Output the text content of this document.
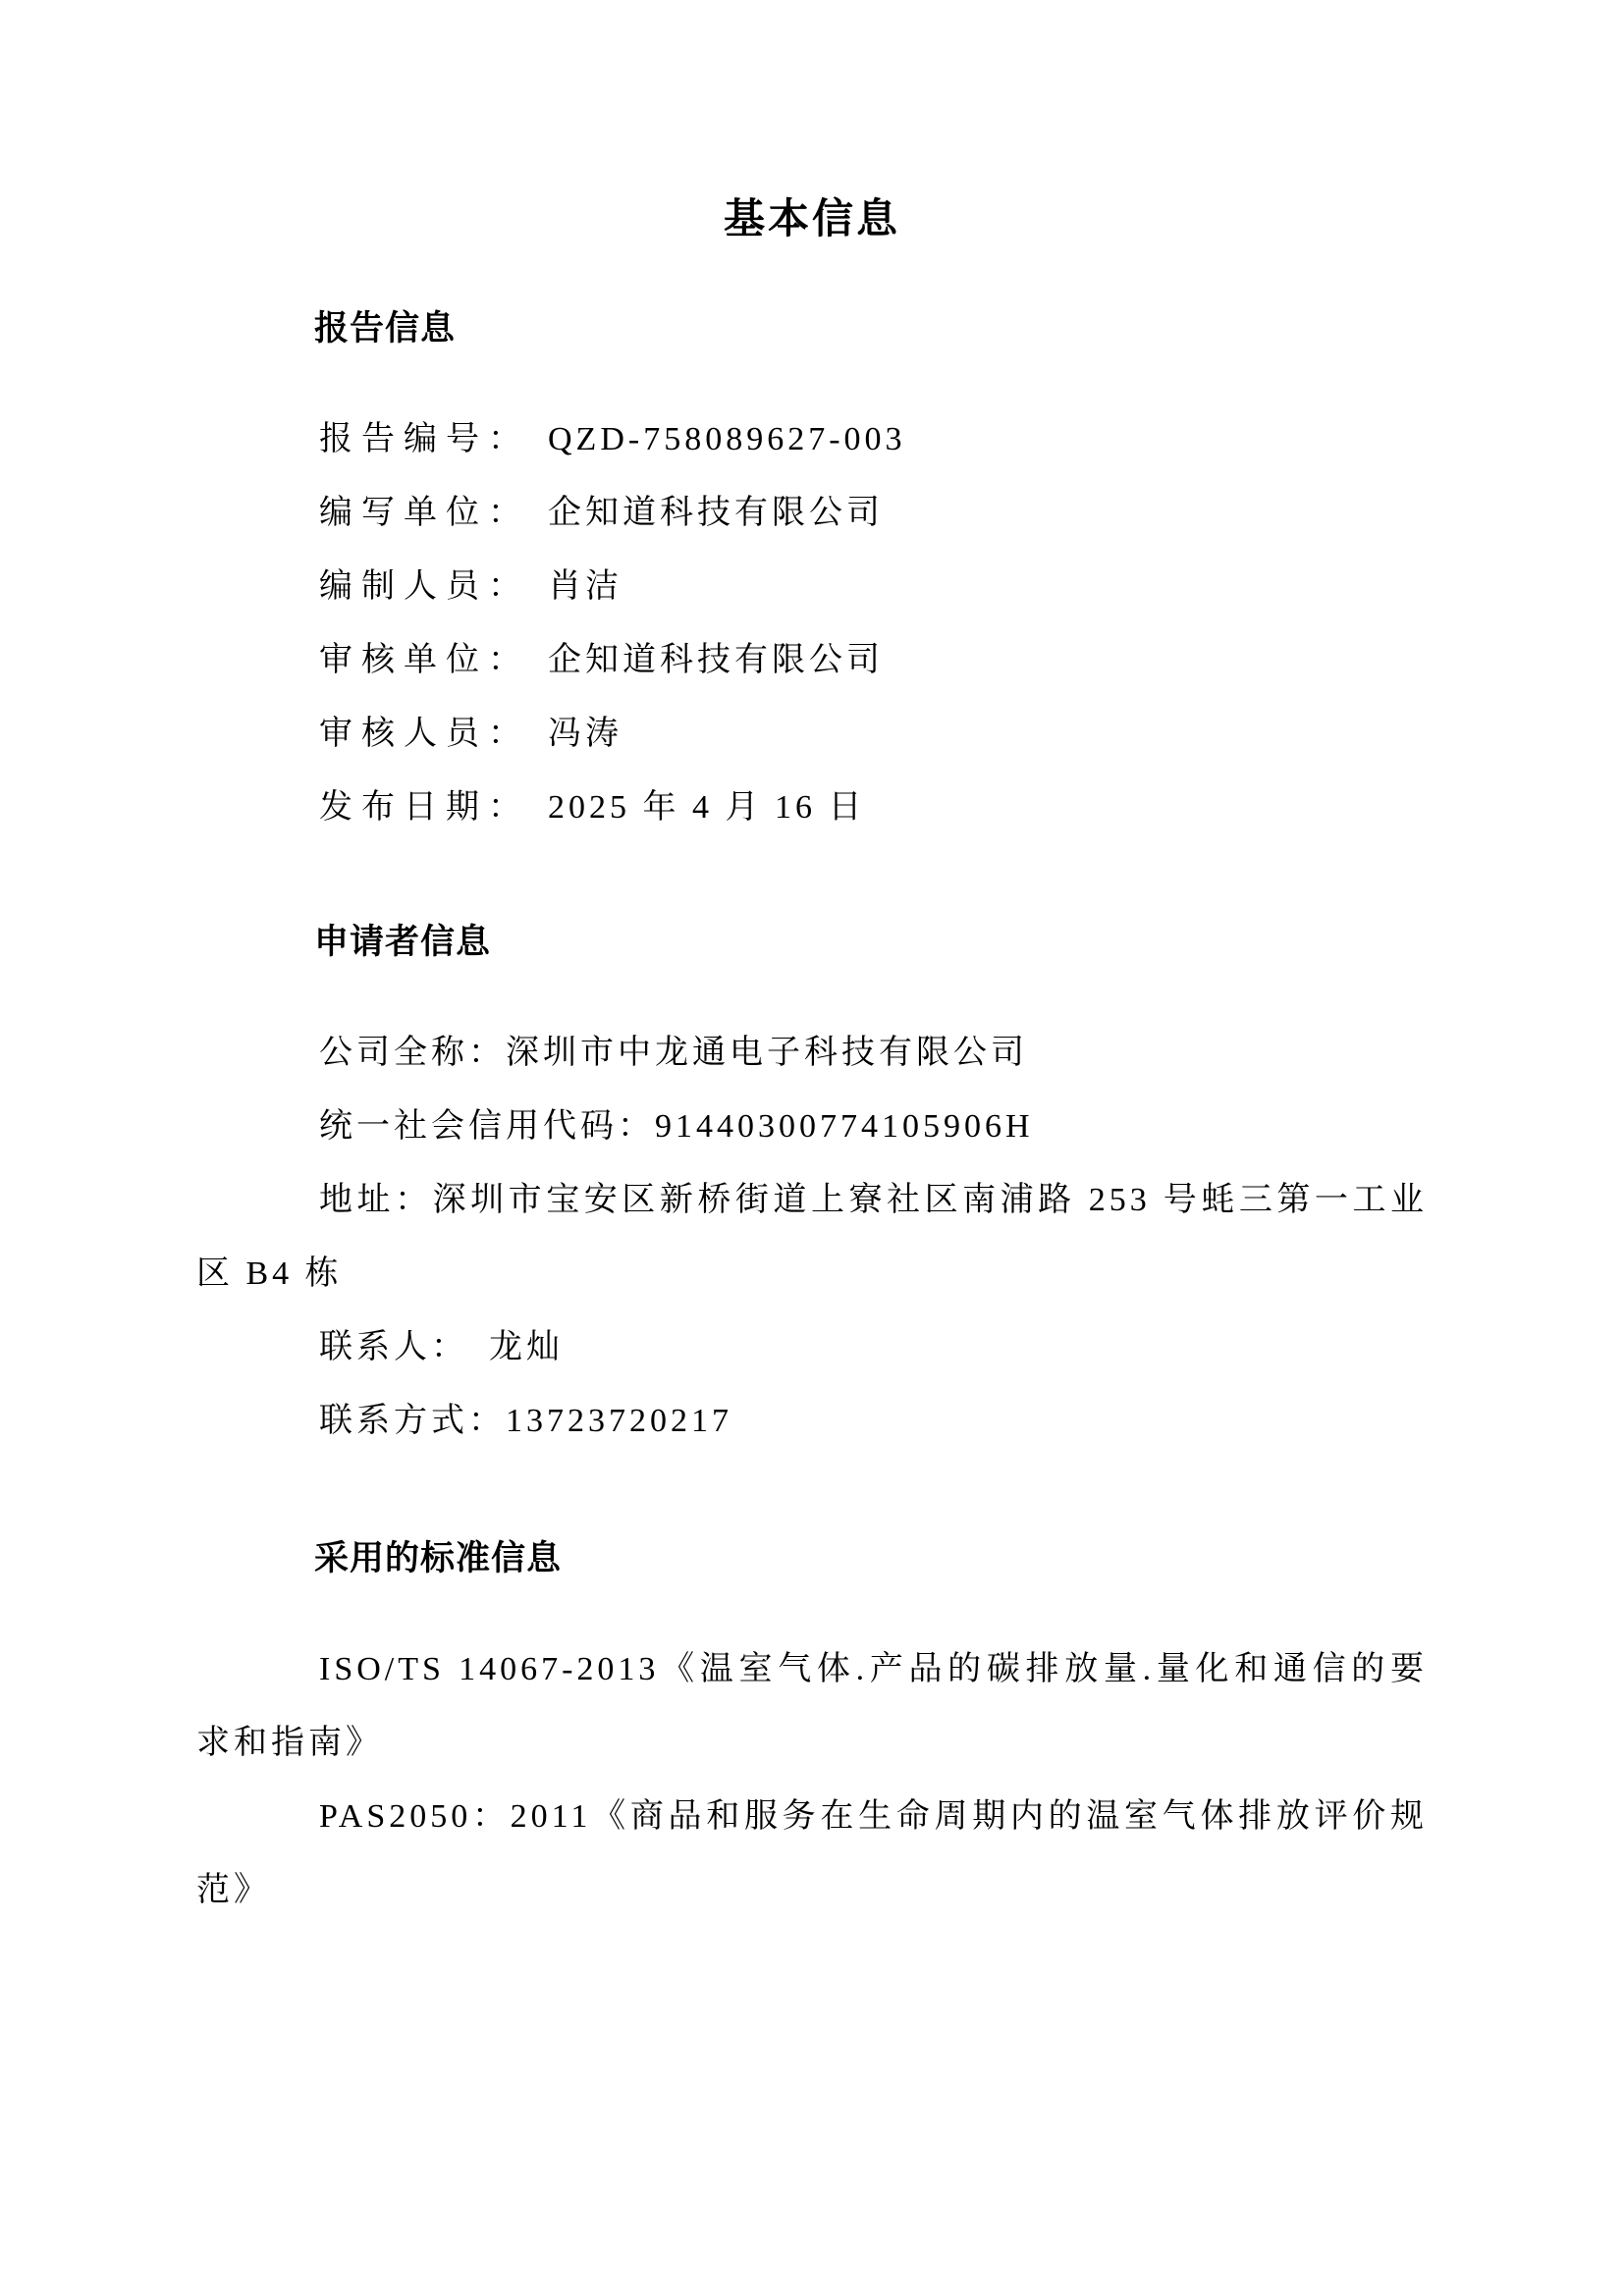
基本信息
报告信息
报告编号： QZD-758089627-003
编写单位： 企知道科技有限公司
编制人员： 肖洁
审核单位： 企知道科技有限公司
审核人员： 冯涛
发布日期： 2025 年 4 月 16 日
申请者信息

公司全称：深圳市中龙通电子科技有限公司

统一社会信用代码：91440300774105906H

地址：深圳市宝安区新桥街道上寮社区南浦路 253 号蚝三第一工业区 B4 栋

联系人：　龙灿

联系方式：13723720217

采用的标准信息

ISO/TS 14067-2013《温室气体.产品的碳排放量.量化和通信的要求和指南》

PAS2050：2011《商品和服务在生命周期内的温室气体排放评价规范》
